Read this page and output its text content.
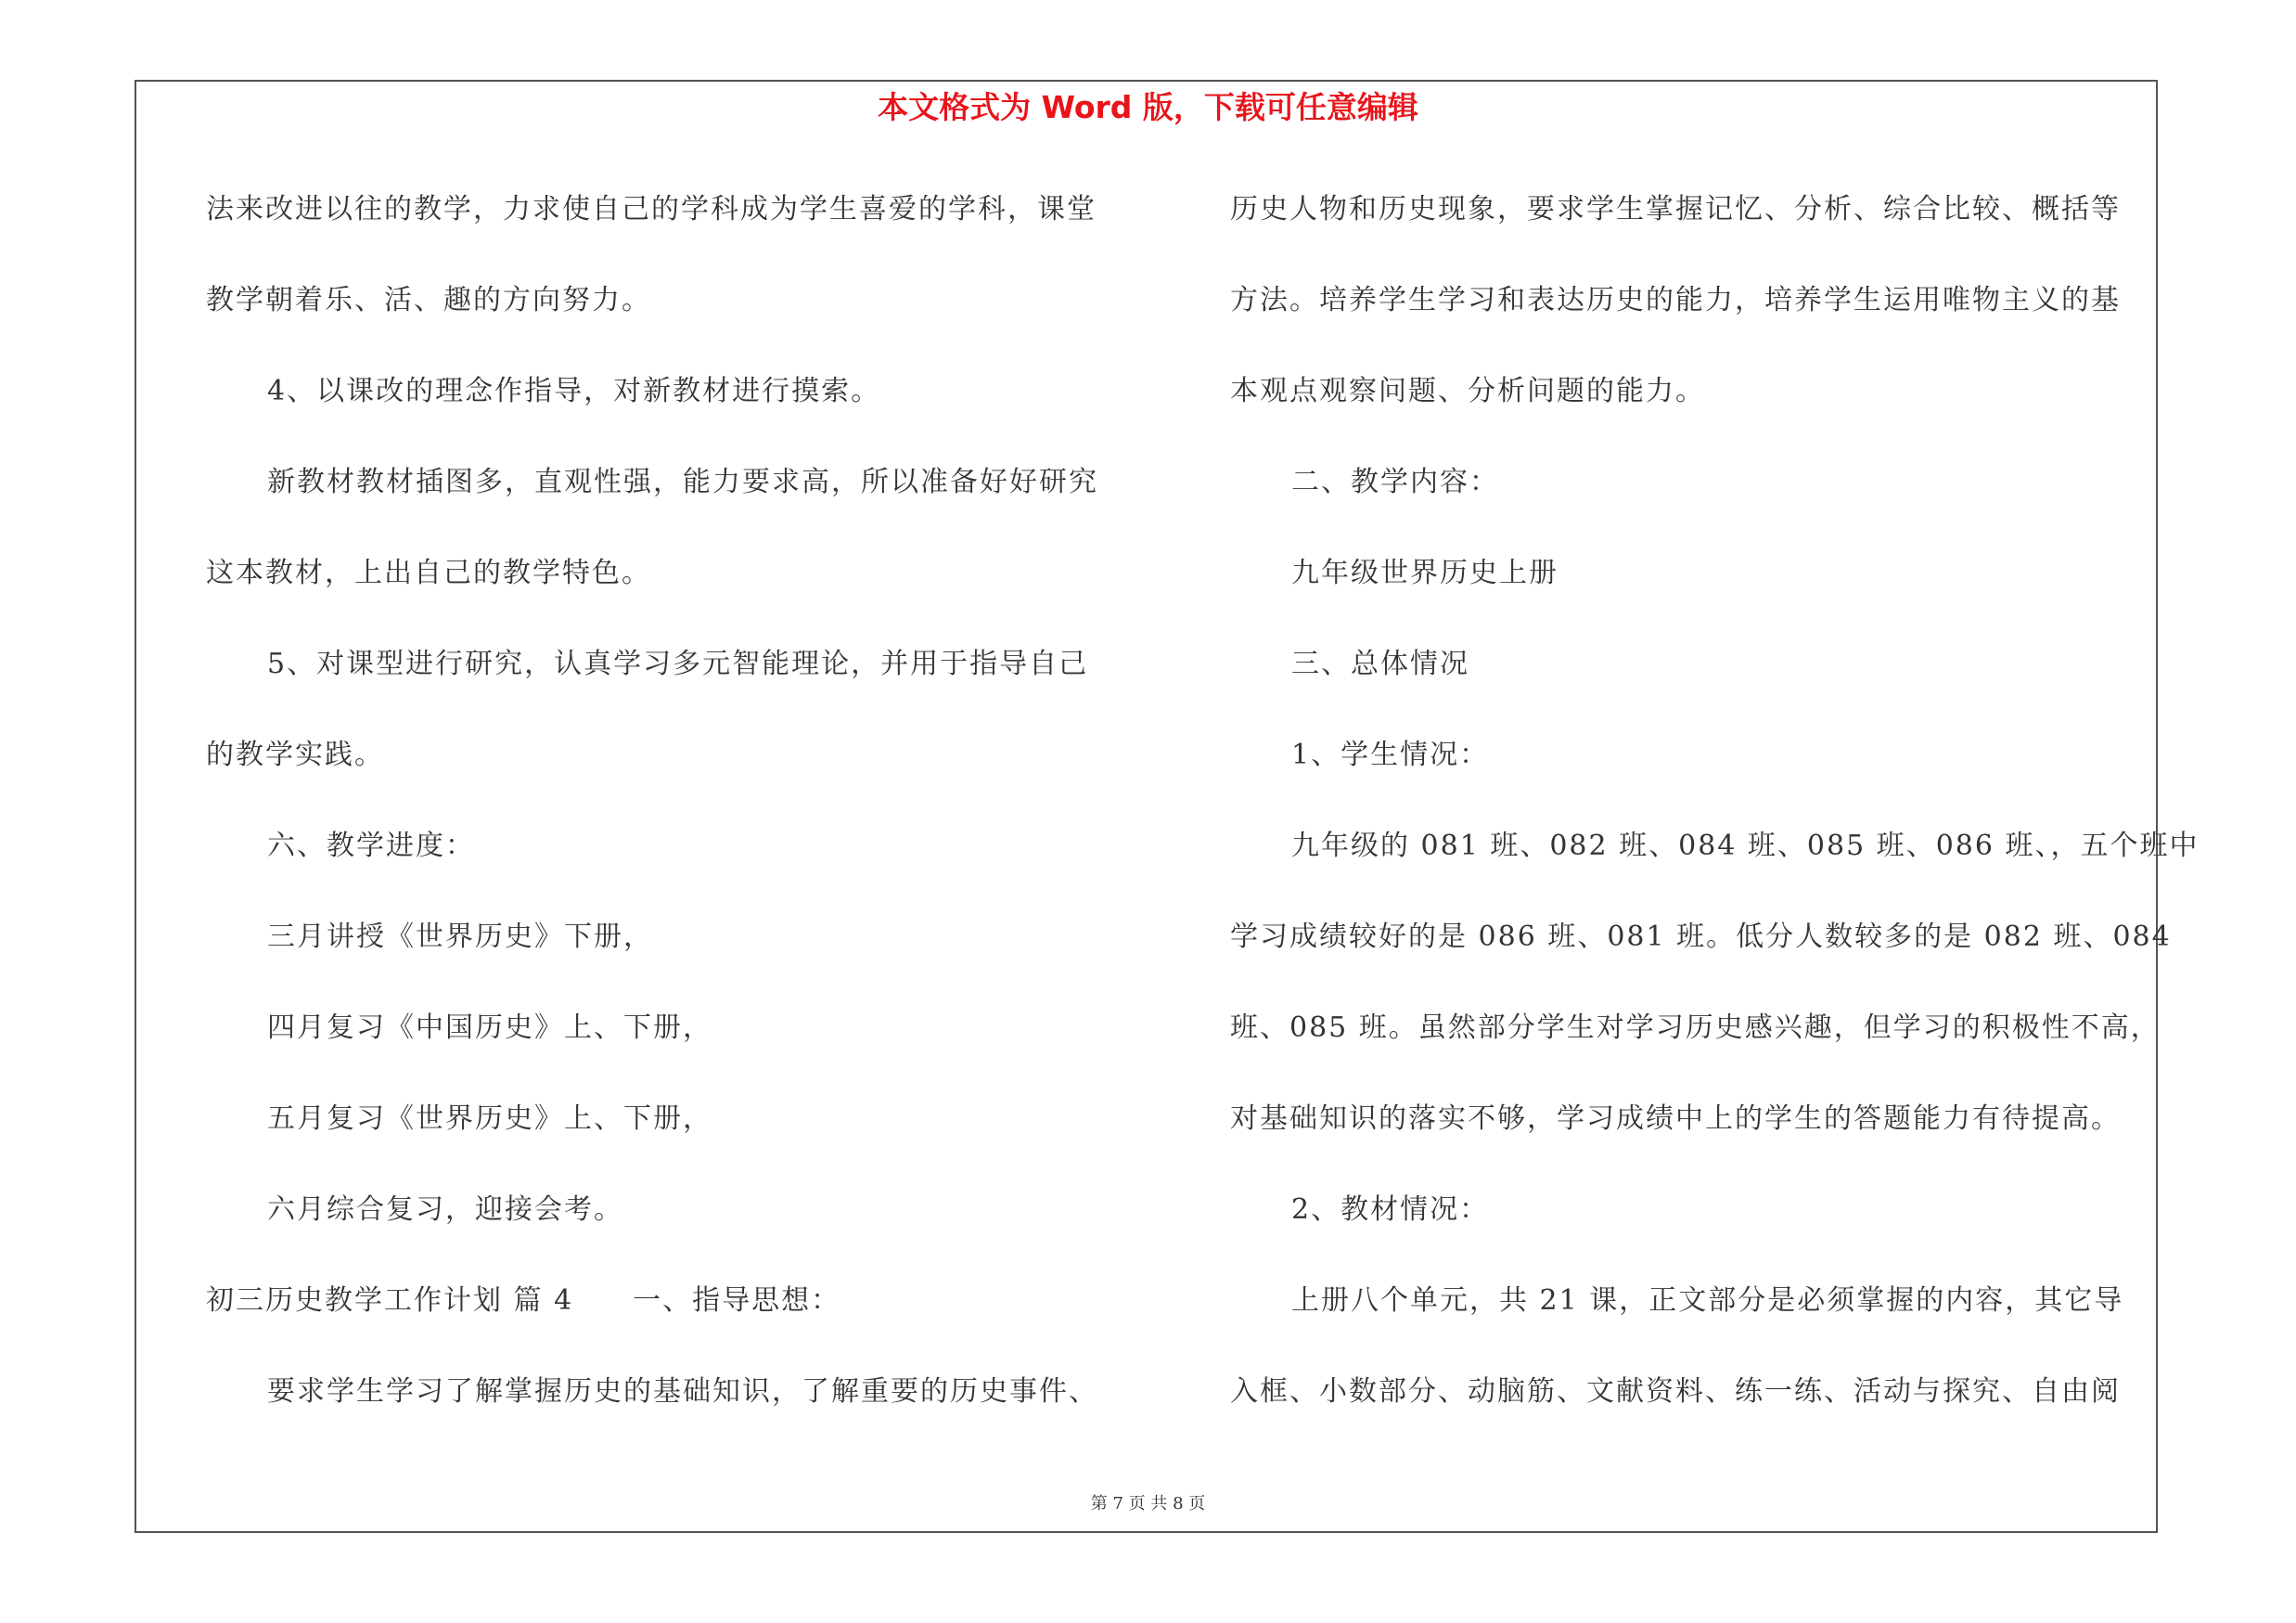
本文格式为 Word 版，下载可任意编辑
法来改进以往的教学，力求使自己的学科成为学生喜爱的学科，课堂
教学朝着乐、活、趣的方向努力。
4、以课改的理念作指导，对新教材进行摸索。
新教材教材插图多，直观性强，能力要求高，所以准备好好研究
这本教材，上出自己的教学特色。
5、对课型进行研究，认真学习多元智能理论，并用于指导自己
的教学实践。
六、教学进度：
三月讲授《世界历史》下册，
四月复习《中国历史》上、下册，
五月复习《世界历史》上、下册，
六月综合复习，迎接会考。
初三历史教学工作计划 篇 4　　一、指导思想：
要求学生学习了解掌握历史的基础知识，了解重要的历史事件、
历史人物和历史现象，要求学生掌握记忆、分析、综合比较、概括等
方法。培养学生学习和表达历史的能力，培养学生运用唯物主义的基
本观点观察问题、分析问题的能力。
二、教学内容：
九年级世界历史上册
三、总体情况
1、学生情况：
九年级的 081 班、082 班、084 班、085 班、086 班、，五个班中
学习成绩较好的是 086 班、081 班。低分人数较多的是 082 班、084
班、085 班。虽然部分学生对学习历史感兴趣，但学习的积极性不高，
对基础知识的落实不够，学习成绩中上的学生的答题能力有待提高。
2、教材情况：
上册八个单元，共 21 课，正文部分是必须掌握的内容，其它导
入框、小数部分、动脑筋、文献资料、练一练、活动与探究、自由阅
第 7 页 共 8 页
